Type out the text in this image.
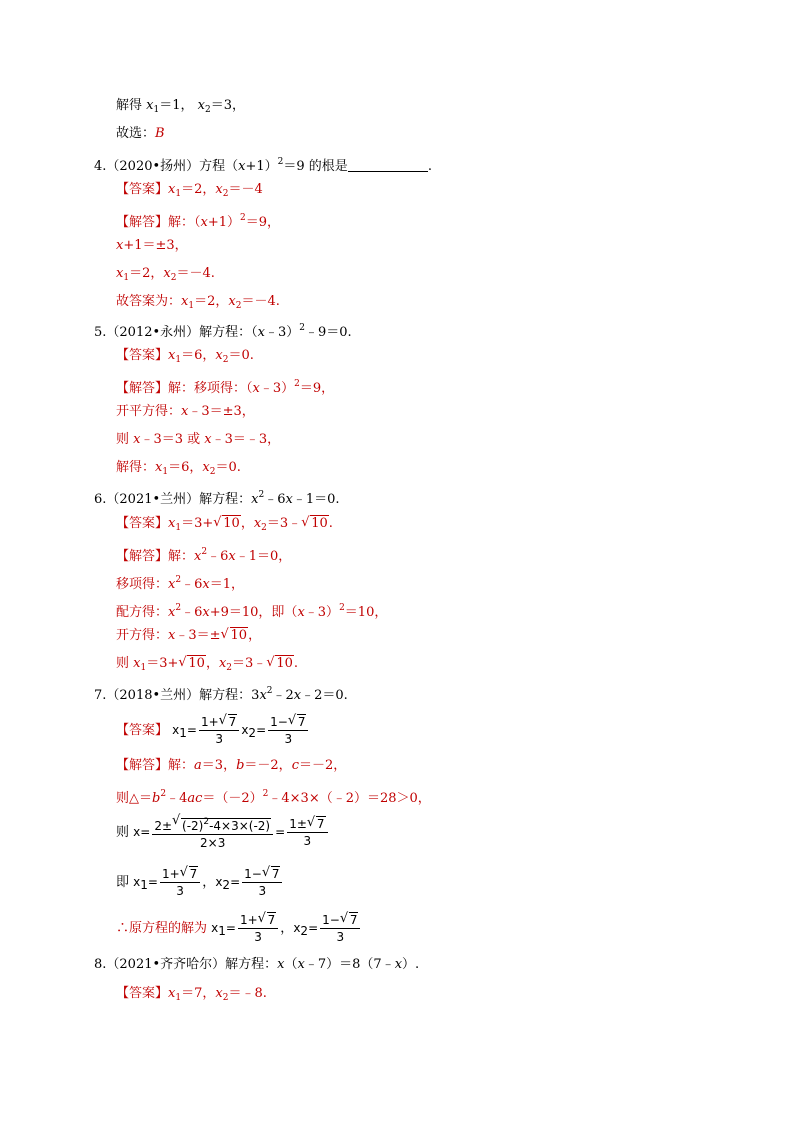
解得 $x_1=1$， $x_2=3$，
故选：B
4.（2020•扬州）方程$(x+1)^2=9$ 的根是	.
【答案】$x_1=2$，$x_2=-4$
【解答】解：$(x+1)^2=9$，
x+1＝±3，
$x_1=2$，$x_2=-4$.
故答案为：$x_1=2$，$x_2=-4$.
5.（2012•永州）解方程：（x﹣3）$^2$﹣9＝0.
【答案】$x_1=6$，$x_2=0$.
【解答】解：移项得：（x﹣3）$^2$＝9，
开平方得：x﹣3＝±3，
则 x﹣3＝3 或 x﹣3＝﹣3，
解得：$x_1=6$，$x_2=0$.
6.（2021•兰州）解方程：$x^2﹣6x﹣1=0$.
【答案】$x_1=3+$ √ 10，$x_2=3﹣$ √ 10.
【解答】解：$x^2﹣6x﹣1=0$，
移项得：$x^2﹣6x=1$，
配方得：$x^2﹣6x+9=10$，即（x﹣3）$^2$＝10，
开方得：x﹣3＝± √ 10，
则 $x_1=3+$ √ 10，$x_2=3﹣$ √ 10.
7.（2018•兰州）解方程：$3x^2﹣2x﹣2=0$.
【答案】 $x_1= \frac{1+ √ 7}{3} x_2= \frac{1- √ 7}{3}$
【解答】解：a＝3，b＝－2，c＝－2，
则$\triangle=b^2﹣4ac=(-2)^2﹣4\times 3\times(﹣2)=28>0$，
则 $x= \frac{2\pm √ (-2)^2-4\times 3\times(-2)}{2\times 3} = \frac{1\pm √ 7}{3}$
即 $x_1= \frac{1+ √ 7}{3}$ ，$x_2= \frac{1- √ 7}{3}$
∴原方程的解为 $x_1= \frac{1+ √ 7}{3}$ ，$x_2= \frac{1- √ 7}{3}$
8.（2021•齐齐哈尔）解方程：x（x﹣7）＝8（7﹣x）.
【答案】$x_1=7$，$x_2=﹣8$.
